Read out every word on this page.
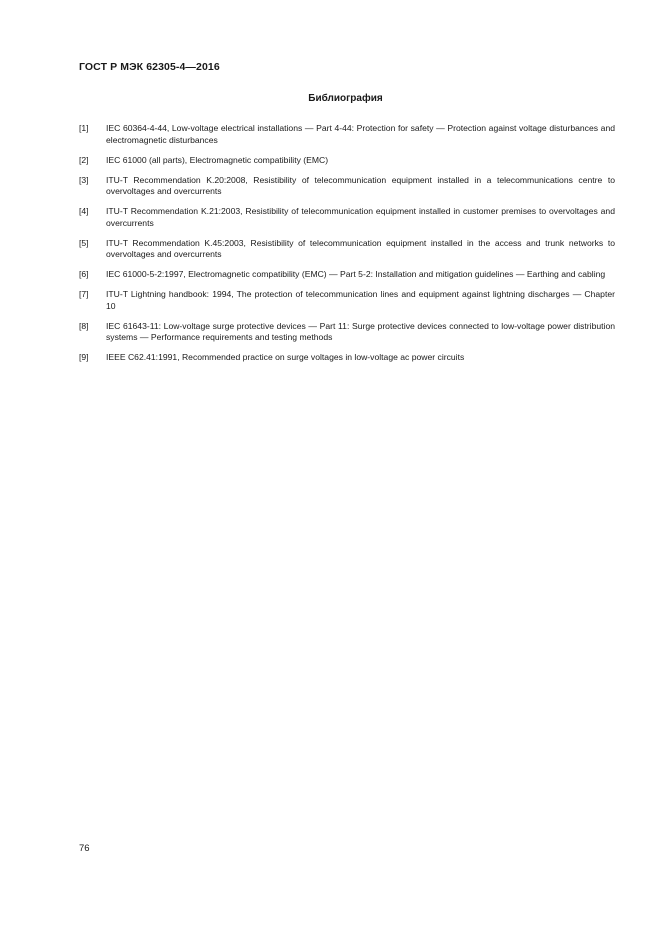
ГОСТ Р МЭК 62305-4—2016
Библиография
[1]	IEC 60364-4-44, Low-voltage electrical installations — Part 4-44: Protection for safety — Protection against voltage disturbances and electromagnetic disturbances
[2]	IEC 61000 (all parts), Electromagnetic compatibility (EMC)
[3]	ITU-T Recommendation K.20:2008, Resistibility of telecommunication equipment installed in a telecommunications centre to overvoltages and overcurrents
[4]	ITU-T Recommendation K.21:2003, Resistibility of telecommunication equipment installed in customer premises to overvoltages and overcurrents
[5]	ITU-T Recommendation K.45:2003, Resistibility of telecommunication equipment installed in the access and trunk networks to overvoltages and overcurrents
[6]	IEC 61000-5-2:1997, Electromagnetic compatibility (EMC) — Part 5-2: Installation and mitigation guidelines — Earthing and cabling
[7]	ITU-T Lightning handbook: 1994, The protection of telecommunication lines and equipment against lightning discharges — Chapter 10
[8]	IEC 61643-11: Low-voltage surge protective devices — Part 11: Surge protective devices connected to low-voltage power distribution systems — Performance requirements and testing methods
[9]	IEEE C62.41:1991, Recommended practice on surge voltages in low-voltage ac power circuits
76
